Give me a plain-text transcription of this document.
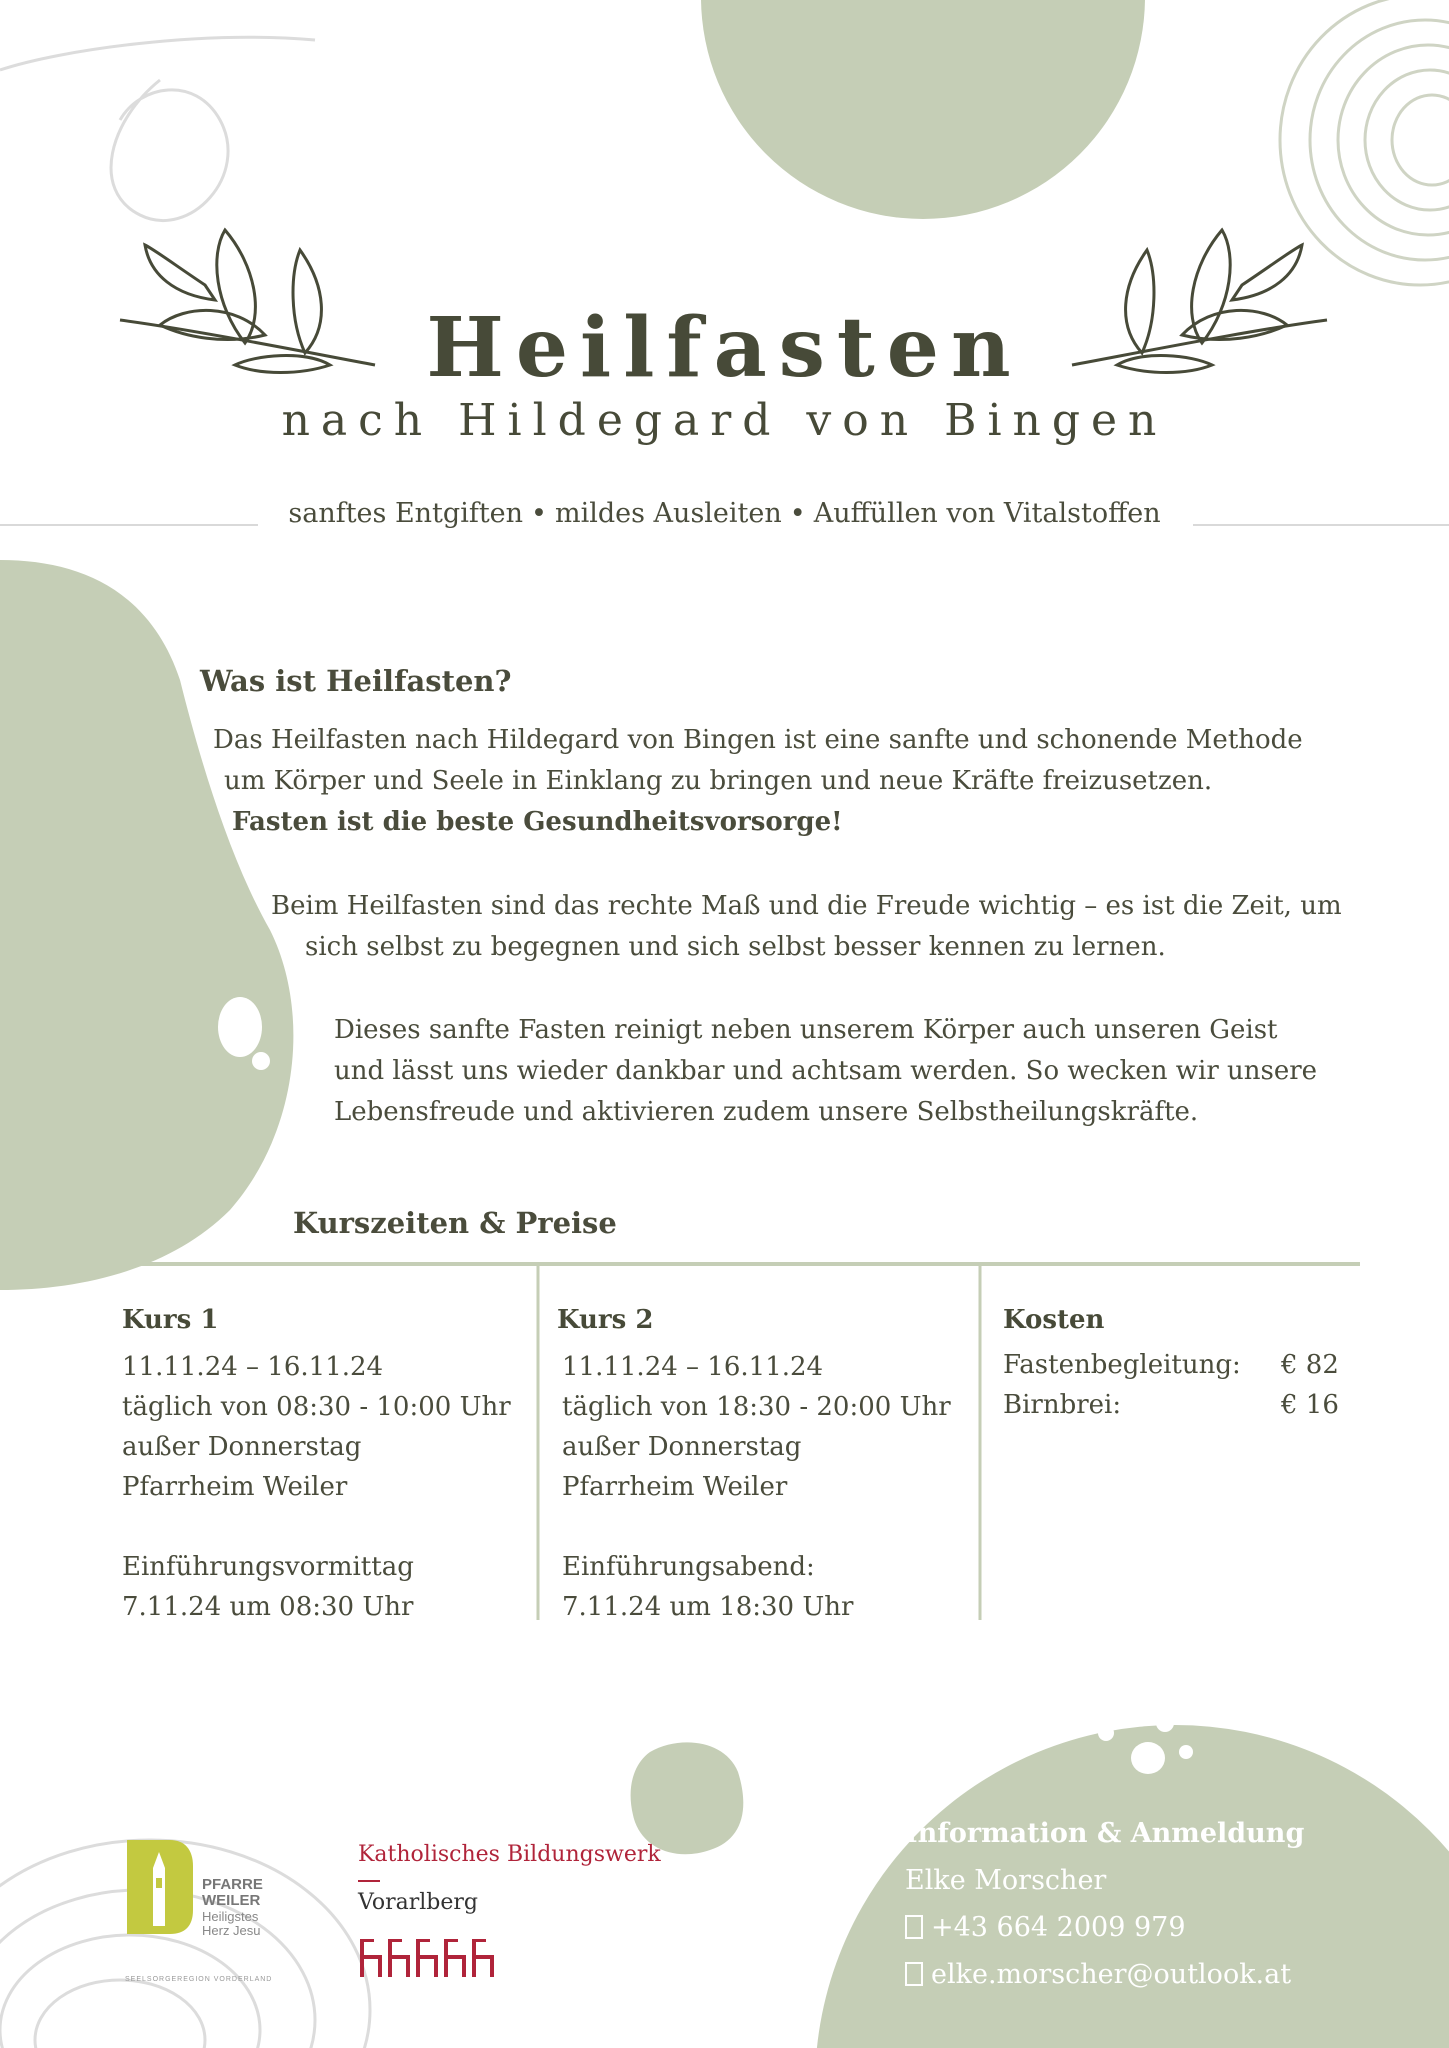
Heilfasten
nach Hildegard von Bingen
sanftes Entgiften • mildes Ausleiten • Auffüllen von Vitalstoffen
Was ist Heilfasten?
Das Heilfasten nach Hildegard von Bingen ist eine sanfte und schonende Methode
um Körper und Seele in Einklang zu bringen und neue Kräfte freizusetzen.
Fasten ist die beste Gesundheitsvorsorge!
Beim Heilfasten sind das rechte Maß und die Freude wichtig – es ist die Zeit, um
sich selbst zu begegnen und sich selbst besser kennen zu lernen.
Dieses sanfte Fasten reinigt neben unserem Körper auch unseren Geist
und lässt uns wieder dankbar und achtsam werden. So wecken wir unsere
Lebensfreude und aktivieren zudem unsere Selbstheilungskräfte.
Kurszeiten & Preise
Kurs 1
11.11.24 – 16.11.24
täglich von 08:30 - 10:00 Uhr
außer Donnerstag
Pfarrheim Weiler
Einführungsvormittag
7.11.24 um 08:30 Uhr
Kurs 2
11.11.24 – 16.11.24
täglich von 18:30 - 20:00 Uhr
außer Donnerstag
Pfarrheim Weiler
Einführungsabend:
7.11.24 um 18:30 Uhr
Kosten
Fastenbegleitung:	€ 82
Birnbrei:	€ 16
PFARRE
WEILER
Heiligstes
Herz Jesu
SEELSORGEREGION VORDERLAND
Katholisches Bildungswerk
Vorarlberg
Information & Anmeldung
Elke Morscher
+43 664 2009 979
elke.morscher@outlook.at
